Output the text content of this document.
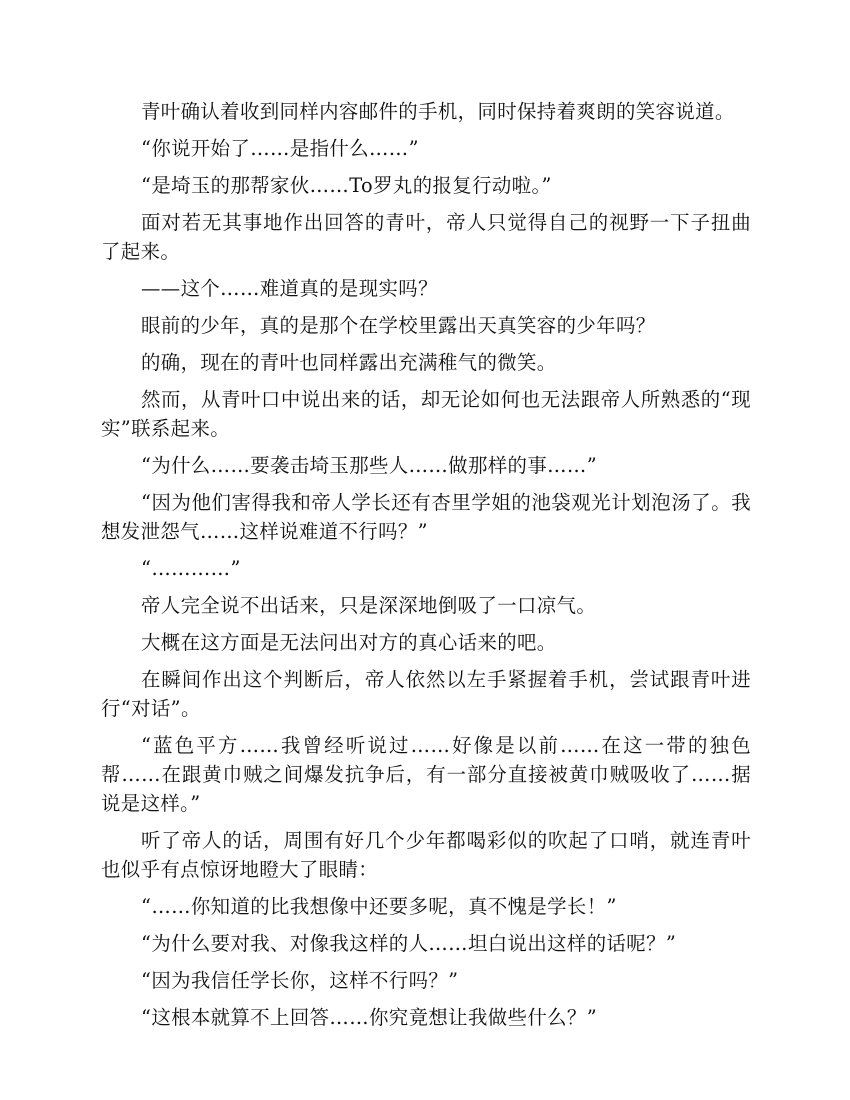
青叶确认着收到同样内容邮件的手机，同时保持着爽朗的笑容说道。

“你说开始了……是指什么……”

“是埼玉的那帮家伙……To罗丸的报复行动啦。”

面对若无其事地作出回答的青叶，帝人只觉得自己的视野一下子扭曲了起来。

——这个……难道真的是现实吗？

眼前的少年，真的是那个在学校里露出天真笑容的少年吗？

的确，现在的青叶也同样露出充满稚气的微笑。

然而，从青叶口中说出来的话，却无论如何也无法跟帝人所熟悉的“现实”联系起来。

“为什么……要袭击埼玉那些人……做那样的事……”

“因为他们害得我和帝人学长还有杏里学姐的池袋观光计划泡汤了。我想发泄怨气……这样说难道不行吗？”

“…………”

帝人完全说不出话来，只是深深地倒吸了一口凉气。

大概在这方面是无法问出对方的真心话来的吧。

在瞬间作出这个判断后，帝人依然以左手紧握着手机，尝试跟青叶进行“对话”。

“蓝色平方……我曾经听说过……好像是以前……在这一带的独色帮……在跟黄巾贼之间爆发抗争后，有一部分直接被黄巾贼吸收了……据说是这样。”

听了帝人的话，周围有好几个少年都喝彩似的吹起了口哨，就连青叶也似乎有点惊讶地瞪大了眼睛：

“……你知道的比我想像中还要多呢，真不愧是学长！”

“为什么要对我、对像我这样的人……坦白说出这样的话呢？”

“因为我信任学长你，这样不行吗？”

“这根本就算不上回答……你究竟想让我做些什么？”
